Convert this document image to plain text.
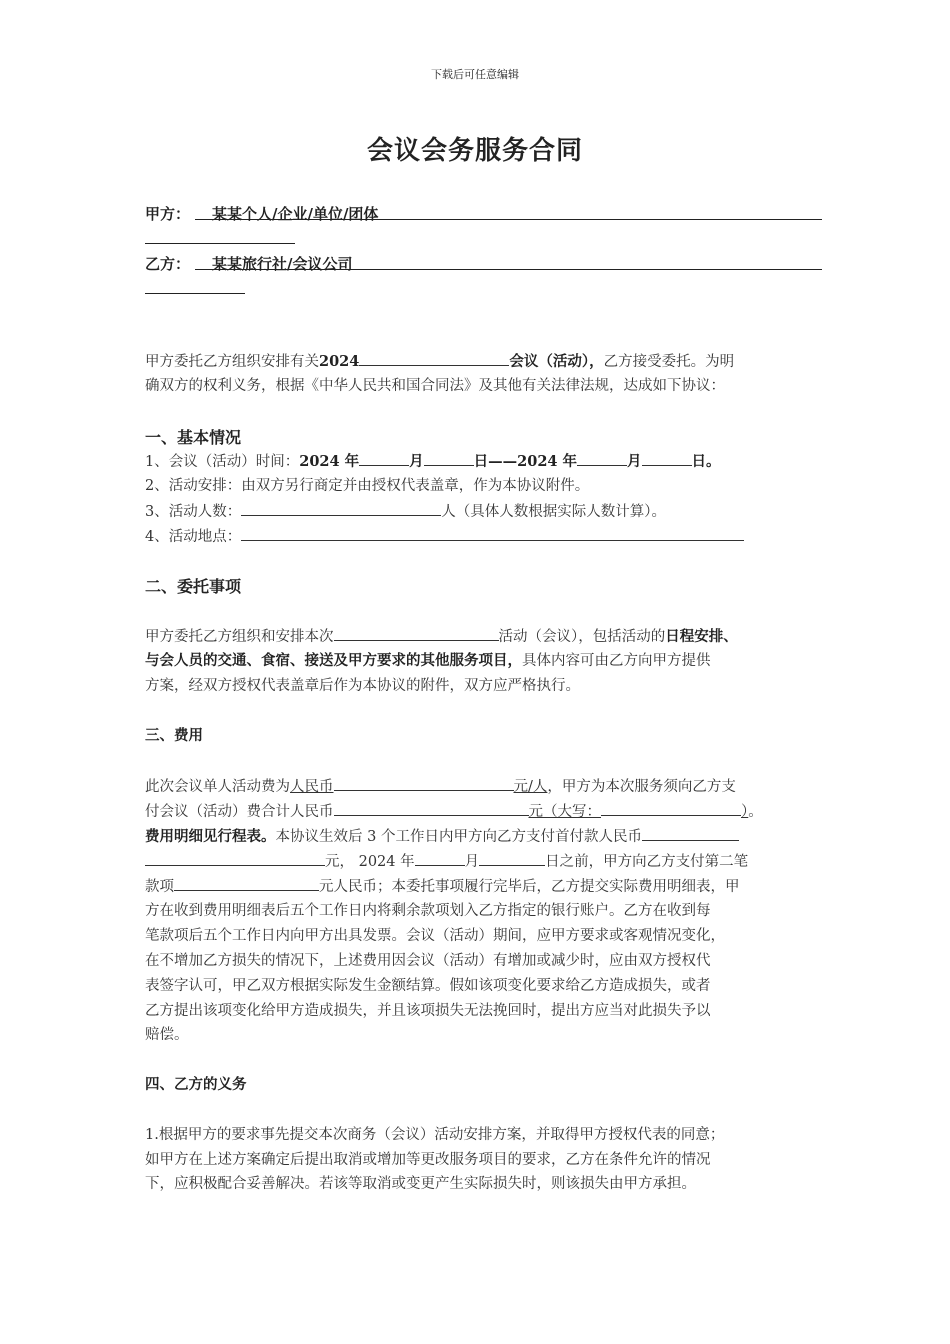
下载后可任意编辑
会议会务服务合同
甲方： 某某个人/企业/单位/团体
乙方： 某某旅行社/会议公司
甲方委托乙方组织安排有关2024	会议（活动），乙方接受委托。为明
确双方的权利义务，根据《中华人民共和国合同法》及其他有关法律法规，达成如下协议：
一、基本情况
1、会议（活动）时间：2024 年	月	日——2024 年	月	日。
2、活动安排：由双方另行商定并由授权代表盖章，作为本协议附件。
3、活动人数：	人（具体人数根据实际人数计算）。
4、活动地点：
二、委托事项
甲方委托乙方组织和安排本次	活动（会议），包括活动的日程安排、
与会人员的交通、食宿、接送及甲方要求的其他服务项目，具体内容可由乙方向甲方提供
方案，经双方授权代表盖章后作为本协议的附件，双方应严格执行。
三、费用
此次会议单人活动费为人民币	元/人，甲方为本次服务须向乙方支
付会议（活动）费合计人民币	元（大写：	）。
费用明细见行程表。本协议生效后 3 个工作日内甲方向乙方支付首付款人民币
元， 2024 年	月	日之前，甲方向乙方支付第二笔
款项	元人民币；本委托事项履行完毕后，乙方提交实际费用明细表，甲
方在收到费用明细表后五个工作日内将剩余款项划入乙方指定的银行账户。乙方在收到每
笔款项后五个工作日内向甲方出具发票。会议（活动）期间，应甲方要求或客观情况变化，
在不增加乙方损失的情况下，上述费用因会议（活动）有增加或减少时，应由双方授权代
表签字认可，甲乙双方根据实际发生金额结算。假如该项变化要求给乙方造成损失，或者
乙方提出该项变化给甲方造成损失，并且该项损失无法挽回时，提出方应当对此损失予以
赔偿。
四、乙方的义务
1.根据甲方的要求事先提交本次商务（会议）活动安排方案，并取得甲方授权代表的同意；
如甲方在上述方案确定后提出取消或增加等更改服务项目的要求，乙方在条件允许的情况
下，应积极配合妥善解决。若该等取消或变更产生实际损失时，则该损失由甲方承担。
